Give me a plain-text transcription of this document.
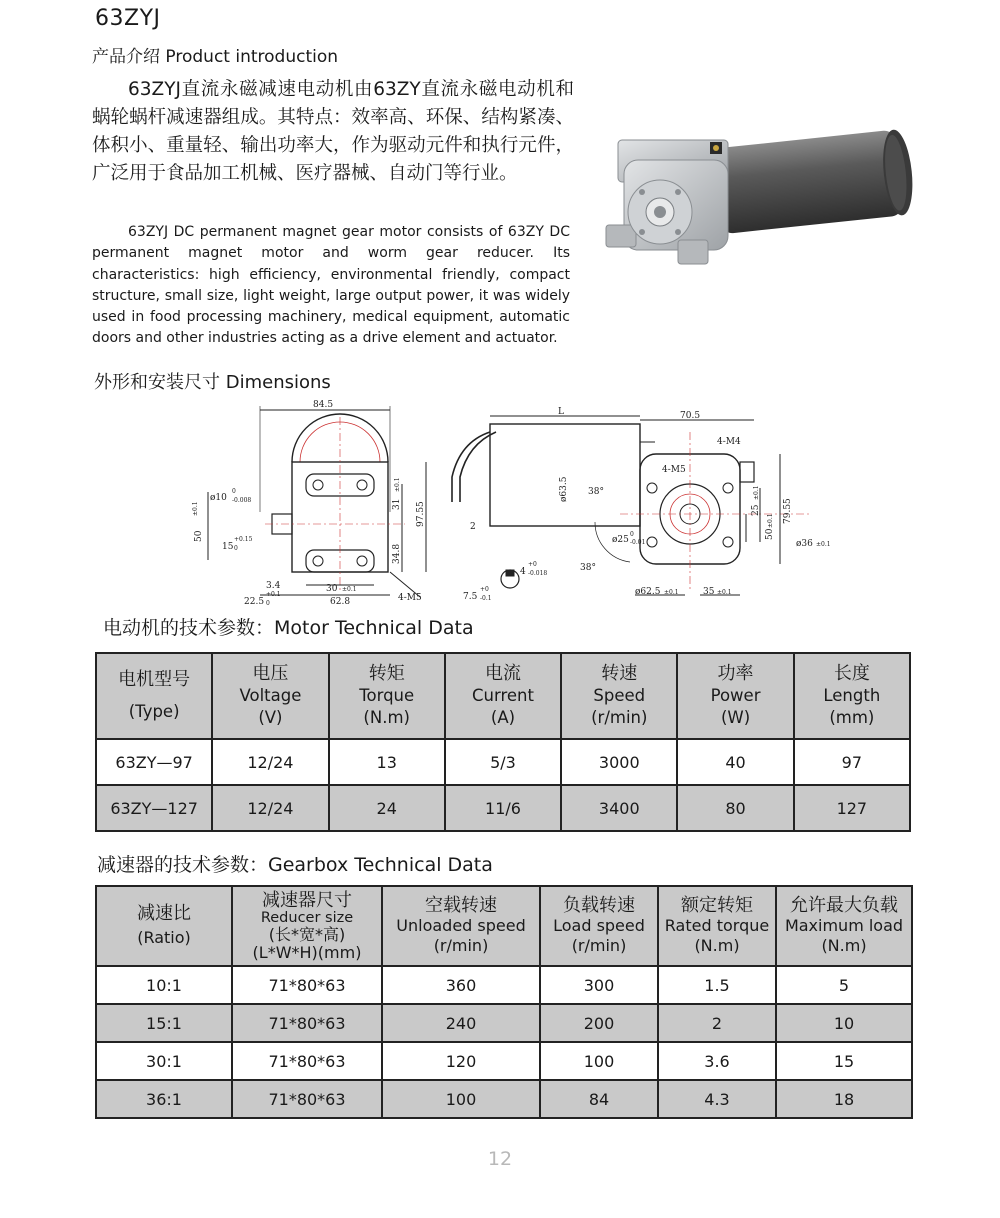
63ZYJ
产品介绍 Product introduction
63ZYJ直流永磁减速电动机由63ZY直流永磁电动机和蜗轮蜗杆减速器组成。其特点：效率高、环保、结构紧凑、体积小、重量轻、输出功率大，作为驱动元件和执行元件，广泛用于食品加工机械、医疗器械、自动门等行业。
63ZYJ DC permanent magnet gear motor consists of 63ZY DC permanent magnet motor and worm gear reducer. Its characteristics: high efficiency, environmental friendly, compact structure, small size, light weight, large output power, it was widely used in food processing machinery, medical equipment, automatic doors and other industries acting as a drive element and actuator.
外形和安装尺寸 Dimensions
84.5
ø10
0
-0.008
50
±0.1
15
+0.15
0
31
±0.1
97.55
34.8
3.4
22.5
+0.1
0
30 ±0.1
62.8	4-M5
L	70.5
4-M4
4-M5
ø63.5 38°
2
ø25
0
-0.01
38°
4
+0
-0.018
7.5
+0
-0.1
ø62.5 ±0.1	35 ±0.1
25
±0.1
50
±0.1 79.55
ø36 ±0.1
电动机的技术参数：Motor Technical Data
电机型号
(Type)	电压
Voltage
(V)	转矩
Torque
(N.m)	电流
Current
(A)	转速
Speed
(r/min)	功率
Power
(W)	长度
Length
(mm)
63ZY—97	12/24	13	5/3	3000	40	97
63ZY—127	12/24	24	11/6	3400	80	127
减速器的技术参数：Gearbox Technical Data
减速比
(Ratio)	减速器尺寸
Reducer size
(长*宽*高)
(L*W*H)(mm)	空载转速
Unloaded speed
(r/min)	负载转速
Load speed
(r/min)	额定转矩
Rated torque
(N.m)	允许最大负载
Maximum load
(N.m)

10:1	71*80*63	360	300	1.5	5
15:1	71*80*63	240	200	2	10
30:1	71*80*63	120	100	3.6	15
36:1	71*80*63	100	84	4.3	18
12
